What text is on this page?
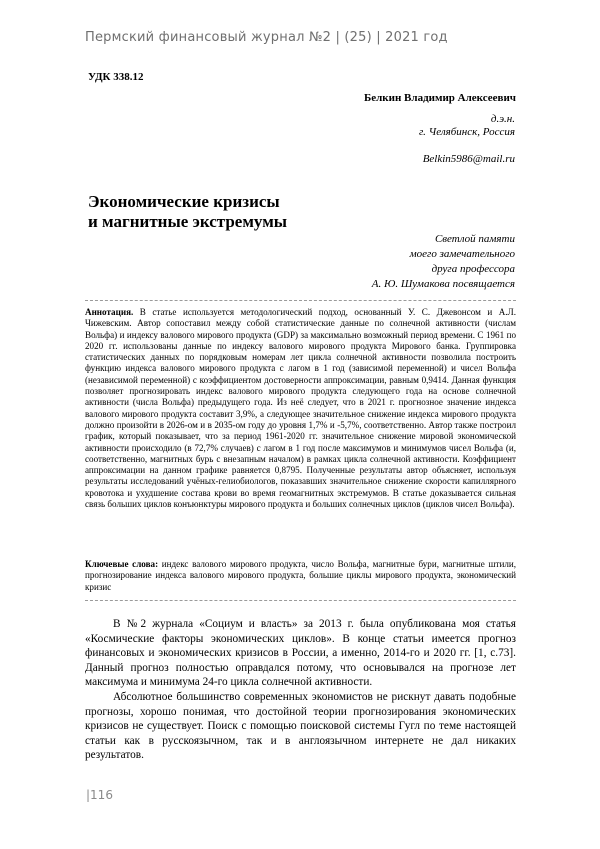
Пермский финансовый журнал №2 | (25) | 2021 год
УДК 338.12
Белкин Владимир Алексеевич
д.э.н.
г. Челябинск, Россия
Belkin5986@mail.ru
Экономические кризисы
и магнитные экстремумы
Светлой памяти
моего замечательного
друга профессора
А. Ю. Шумакова посвящается
Аннотация. В статье используется методологический подход, основанный У. С. Джевонсом и А.Л. Чижевским. Автор сопоставил между собой статистические данные по солнечной активности (числам Вольфа) и индексу валового мирового продукта (GDP) за максимально возможный период времени. С 1961 по 2020 гг. использованы данные по индексу валового мирового продукта Мирового банка. Группировка статистических данных по порядковым номерам лет цикла солнечной активности позволила построить функцию индекса валового мирового продукта с лагом в 1 год (зависимой переменной) и чисел Вольфа (независимой переменной) с коэффициентом достоверности аппроксимации, равным 0,9414. Данная функция позволяет прогнозировать индекс валового мирового продукта следующего года на основе солнечной активности (числа Вольфа) предыдущего года. Из неё следует, что в 2021 г. прогнозное значение индекса валового мирового продукта составит 3,9%, а следующее значительное снижение индекса мирового продукта должно произойти в 2026-ом и в 2035-ом году до уровня 1,7% и -5,7%, соответственно. Автор также построил график, который показывает, что за период 1961-2020 гг. значительное снижение мировой экономической активности происходило (в 72,7% случаев) с лагом в 1 год после максимумов и минимумов чисел Вольфа (и, соответственно, магнитных бурь с внезапным началом) в рамках цикла солнечной активности. Коэффициент аппроксимации на данном графике равняется 0,8795. Полученные результаты автор объясняет, используя результаты исследований учёных-гелиобиологов, показавших значительное снижение скорости капиллярного кровотока и ухудшение состава крови во время геомагнитных экстремумов. В статье доказывается сильная связь больших циклов конъюнктуры мирового продукта и больших солнечных циклов (циклов чисел Вольфа).
Ключевые слова: индекс валового мирового продукта, число Вольфа, магнитные бури, магнитные штили, прогнозирование индекса валового мирового продукта, большие циклы мирового продукта, экономический кризис
В №2 журнала «Социум и власть» за 2013 г. была опубликована моя статья «Космические факторы экономических циклов». В конце статьи имеется прогноз финансовых и экономических кризисов в России, а именно, 2014-го и 2020 гг. [1, с.73]. Данный прогноз полностью оправдался потому, что основывался на прогнозе лет максимума и минимума 24-го цикла солнечной активности.
Абсолютное большинство современных экономистов не рискнут давать подобные прогнозы, хорошо понимая, что достойной теории прогнозирования экономических кризисов не существует. Поиск с помощью поисковой системы Гугл по теме настоящей статьи как в русскоязычном, так и в англоязычном интернете не дал никаких результатов.
|116
